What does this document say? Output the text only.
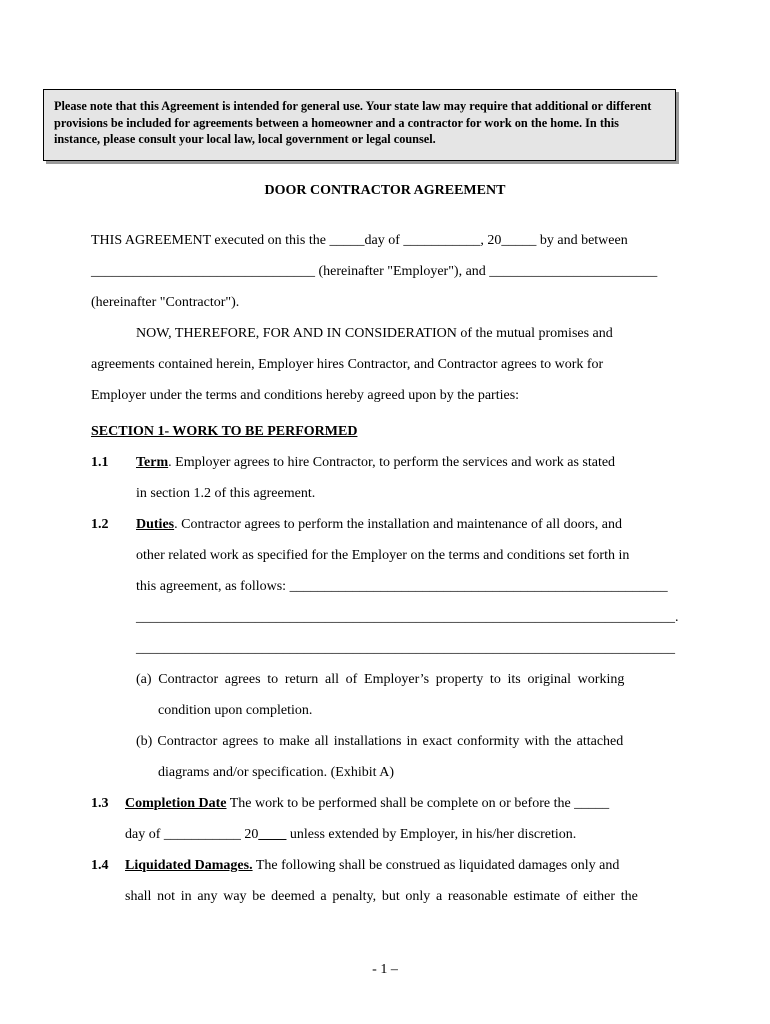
Please note that this Agreement is intended for general use. Your state law may require that additional or different provisions be included for agreements between a homeowner and a contractor for work on the home. In this instance, please consult your local law, local government or legal counsel.
DOOR CONTRACTOR AGREEMENT
THIS AGREEMENT executed on this the _____day of ___________, 20_____ by and between
________________________________ (hereinafter "Employer"), and ________________________
(hereinafter "Contractor").
NOW, THEREFORE, FOR AND IN CONSIDERATION of the mutual promises and
agreements contained herein, Employer hires Contractor, and Contractor agrees to work for
Employer under the terms and conditions hereby agreed upon by the parties:
SECTION 1- WORK TO BE PERFORMED
1.1 Term. Employer agrees to hire Contractor, to perform the services and work as stated
in section 1.2 of this agreement.
1.2 Duties. Contractor agrees to perform the installation and maintenance of all doors, and
other related work as specified for the Employer on the terms and conditions set forth in
this agreement, as follows: ______________________________________________________
_____________________________________________________________________________.
_____________________________________________________________________________
(a) Contractor agrees to return all of Employer’s property to its original working
condition upon completion.
(b) Contractor agrees to make all installations in exact conformity with the attached
diagrams and/or specification. (Exhibit A)
1.3 Completion Date The work to be performed shall be complete on or before the _____
day of ___________ 20____ unless extended by Employer, in his/her discretion.
1.4 Liquidated Damages. The following shall be construed as liquidated damages only and
shall not in any way be deemed a penalty, but only a reasonable estimate of either the
- 1 –
